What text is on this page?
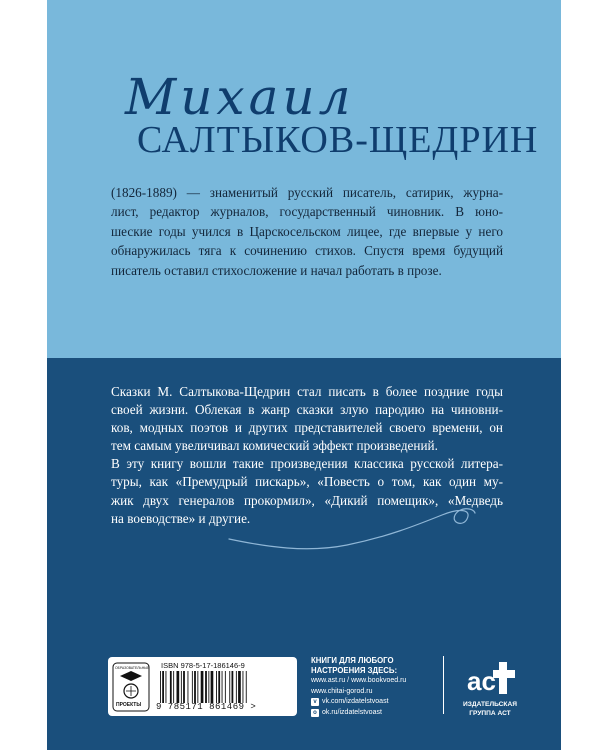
Михаил
САЛТЫКОВ-ЩЕДРИН
(1826-1889) — знаменитый русский писатель, сатирик, журна-
лист, редактор журналов, государственный чиновник. В юно-
шеские годы учился в Царскосельском лицее, где впервые у него
обнаружилась тяга к сочинению стихов. Спустя время будущий
писатель оставил стихосложение и начал работать в прозе.
Сказки М. Салтыкова-Щедрин стал писать в более поздние годы
своей жизни. Облекая в жанр сказки злую пародию на чиновни-
ков, модных поэтов и других представителей своего времени, он
тем самым увеличивал комический эффект произведений.
В эту книгу вошли такие произведения классика русской литера-
туры, как «Премудрый пискарь», «Повесть о том, как один му-
жик двух генералов прокормил», «Дикий помещик», «Медведь
на воеводстве» и другие.
ПРОЕКТЫ
ОБРАЗОВАТЕЛЬНЫЕ ISBN 978-5-17-186146-9
9 785171 861469 >
КНИГИ ДЛЯ ЛЮБОГО
НАСТРОЕНИЯ ЗДЕСЬ:
www.ast.ru / www.bookvoed.ru
www.chitai-gorod.ru
v vk.com/izdatelstvoast
o ok.ru/izdatelstvoast
ac
ИЗДАТЕЛЬСКАЯ
ГРУППА АСТ
